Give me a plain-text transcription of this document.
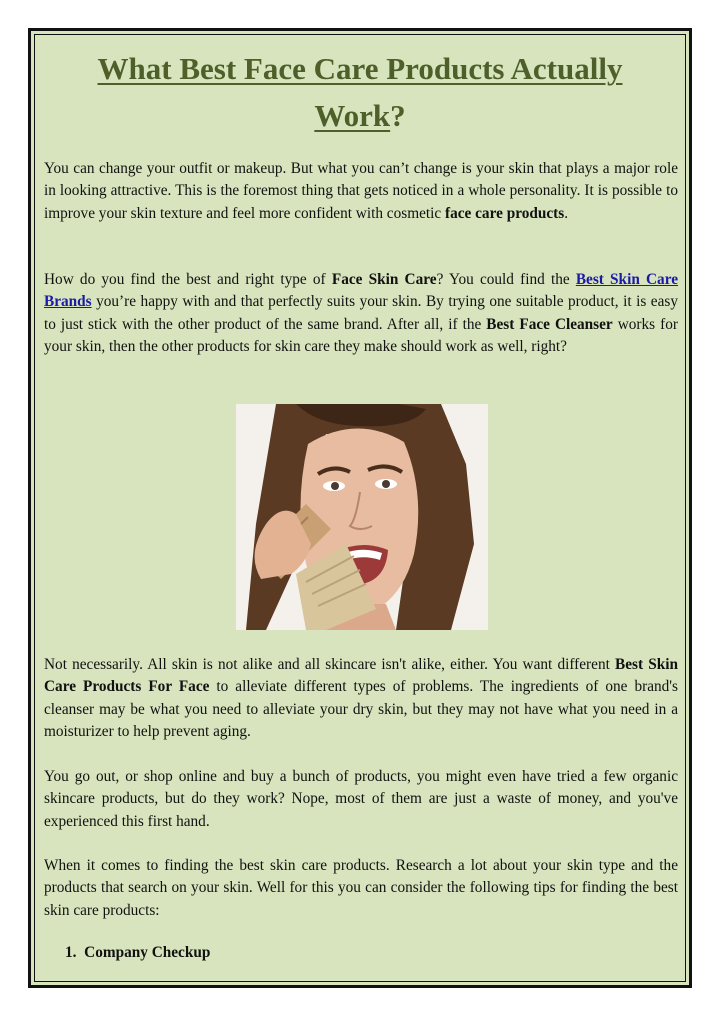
What Best Face Care Products Actually
Work?

You can change your outfit or makeup. But what you can’t change is your skin that plays a major role in looking attractive. This is the foremost thing that gets noticed in a whole personality. It is possible to improve your skin texture and feel more confident with cosmetic face care products.

How do you find the best and right type of Face Skin Care? You could find the Best Skin Care Brands you’re happy with and that perfectly suits your skin. By trying one suitable product, it is easy to just stick with the other product of the same brand. After all, if the Best Face Cleanser works for your skin, then the other products for skin care they make should work as well, right?

Not necessarily. All skin is not alike and all skincare isn't alike, either. You want different Best Skin Care Products For Face to alleviate different types of problems. The ingredients of one brand's cleanser may be what you need to alleviate your dry skin, but they may not have what you need in a moisturizer to help prevent aging.

You go out, or shop online and buy a bunch of products, you might even have tried a few organic skincare products, but do they work? Nope, most of them are just a waste of money, and you've experienced this first hand.

When it comes to finding the best skin care products. Research a lot about your skin type and the products that search on your skin. Well for this you can consider the following tips for finding the best skin care products:

1. Company Checkup
